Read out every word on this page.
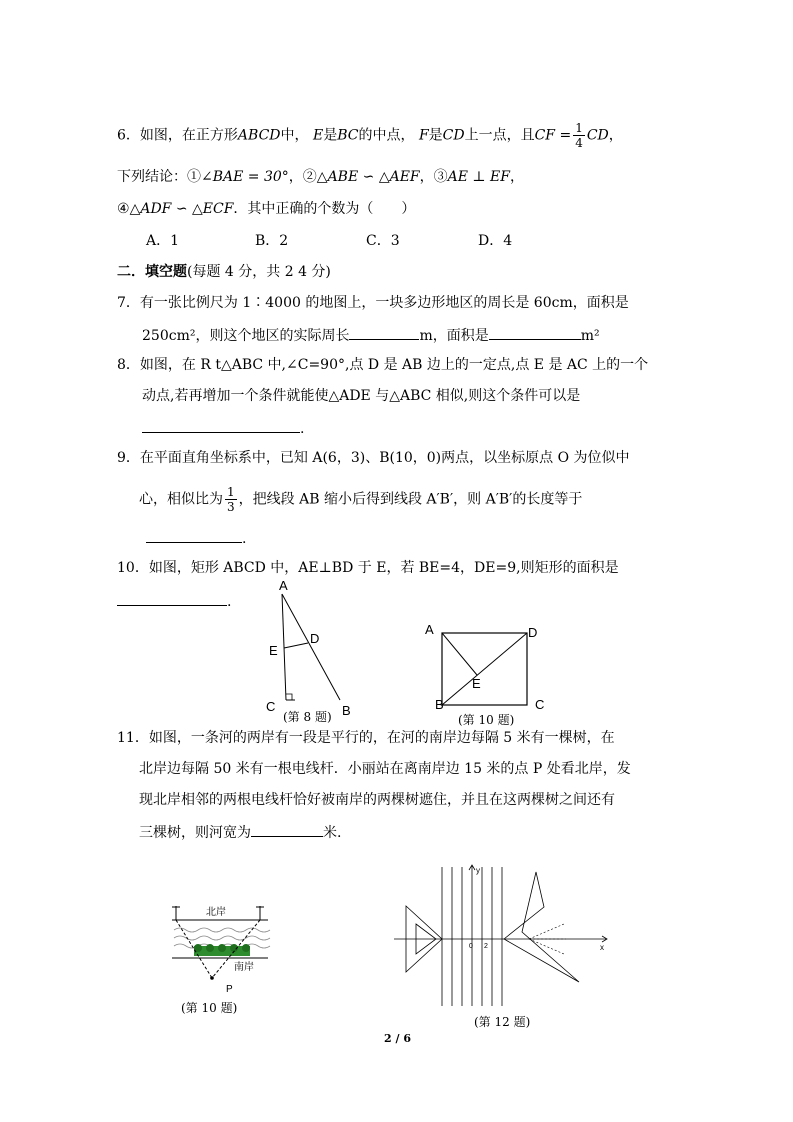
6．如图，在正方形ABCD中， E是BC的中点， F是CD上一点，且CF = $\frac{1}{4}$ CD，
下列结论：①∠BAE = 30°，②△ABE ∽ △AEF，③AE ⊥ EF，
④△ADF ∽ △ECF．其中正确的个数为（　　）
A．1	B．2	C．3	D．4
二．填空题(每题 4 分，共 2 4 分)
7．有一张比例尺为 1∶4000 的地图上，一块多边形地区的周长是 60cm，面积是
250cm²，则这个地区的实际周长	m，面积是	m²
8．如图，在 R t△ABC 中,∠C=90°,点 D 是 AB 边上的一定点,点 E 是 AC 上的一个
动点,若再增加一个条件就能使△ADE 与△ABC 相似,则这个条件可以是
.
9．在平面直角坐标系中，已知 A(6，3)、B(10，0)两点，以坐标原点 O 为位似中
心，相似比为 $\frac{1}{3}$ ，把线段 AB 缩小后得到线段 A′B′，则 A′B′的长度等于
.
10．如图，矩形 ABCD 中，AE⊥BD 于 E，若 BE=4，DE=9,则矩形的面积是
.
A
D
E
C	B
(第 8 题)
A	D
E
B	C
(第 10 题)
11．如图，一条河的两岸有一段是平行的，在河的南岸边每隔 5 米有一棵树，在
北岸边每隔 50 米有一根电线杆．小丽站在离南岸边 15 米的点 P 处看北岸，发
现北岸相邻的两根电线杆恰好被南岸的两棵树遮住，并且在这两棵树之间还有
三棵树，则河宽为	米.
北岸
南岸
P
(第 10 题)
y
x
0 2
(第 12 题)
2 / 6
